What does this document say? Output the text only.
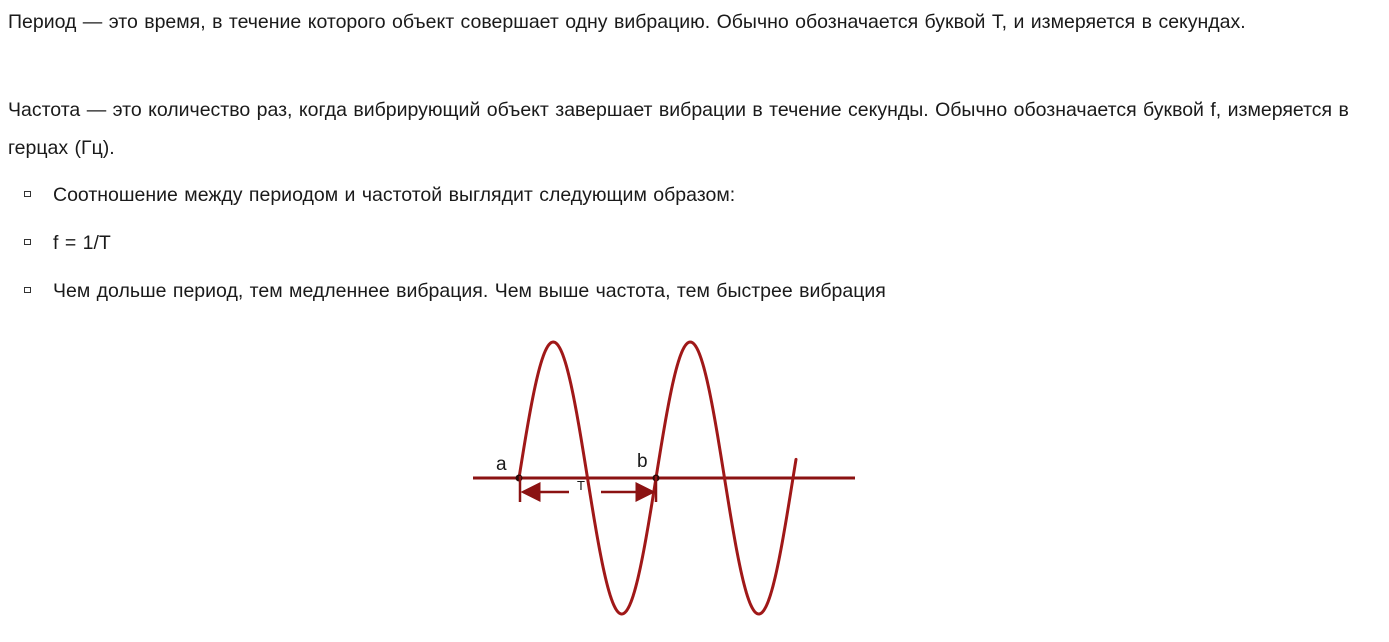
Период — это время, в течение которого объект совершает одну вибрацию. Обычно обозначается буквой T, и измеряется в секундах.

Частота — это количество раз, когда вибрирующий объект завершает вибрации в течение секунды. Обычно обозначается буквой f, измеряется в герцах (Гц).

Соотношение между периодом и частотой выглядит следующим образом:
f = 1/T
Чем дольше период, тем медленнее вибрация. Чем выше частота, тем быстрее вибрация
a	b
T
